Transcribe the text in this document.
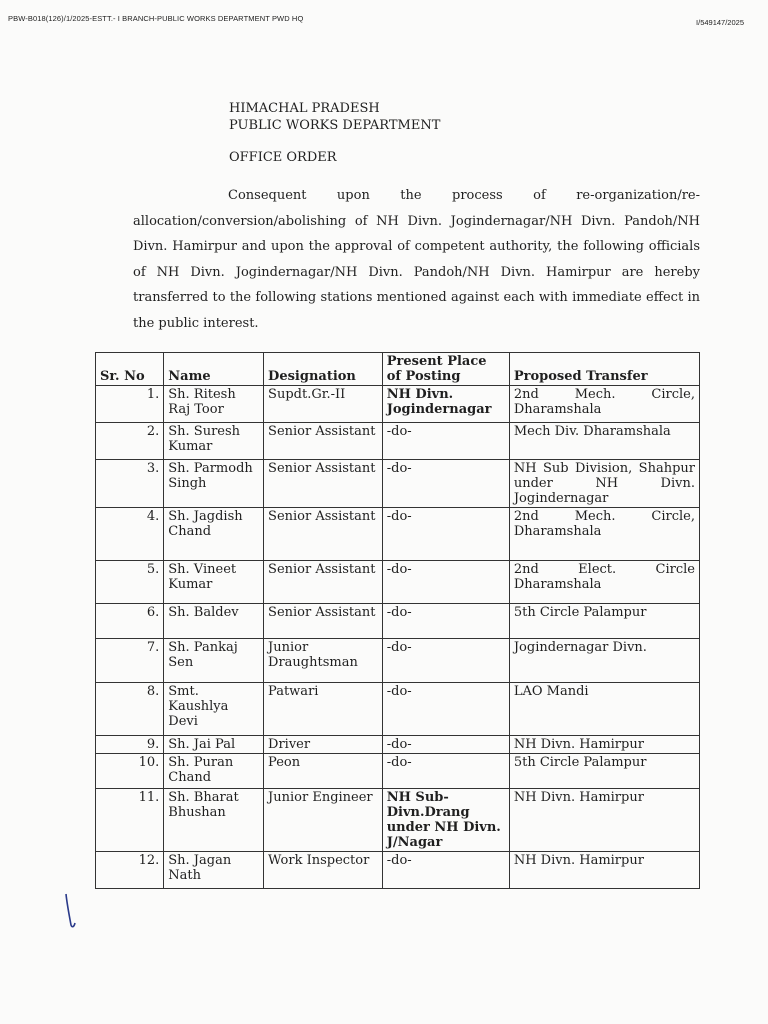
PBW-B018(126)/1/2025-ESTT.- I BRANCH-PUBLIC WORKS DEPARTMENT PWD HQ	I/549147/2025
HIMACHAL PRADESH
PUBLIC WORKS DEPARTMENT
OFFICE ORDER
Consequent upon the process of re-organization/re-allocation/conversion/abolishing of NH Divn. Jogindernagar/NH Divn. Pandoh/NH Divn. Hamirpur and upon the approval of competent authority, the following officials of NH Divn. Jogindernagar/NH Divn. Pandoh/NH Divn. Hamirpur are hereby transferred to the following stations mentioned against each with immediate effect in the public interest.
Sr. No	Name	Designation	Present Place of Posting	Proposed Transfer
1.	Sh. Ritesh Raj Toor	Supdt.Gr.-II	NH Divn. Jogindernagar	2nd Mech. Circle, Dharamshala
2.	Sh. Suresh Kumar	Senior Assistant	-do-	Mech Div. Dharamshala
3.	Sh. Parmodh Singh	Senior Assistant	-do-	NH Sub Division, Shahpur under NH Divn. Jogindernagar
4.	Sh. Jagdish Chand	Senior Assistant	-do-	2nd Mech. Circle, Dharamshala
5.	Sh. Vineet Kumar	Senior Assistant	-do-	2nd Elect. Circle Dharamshala
6.	Sh. Baldev	Senior Assistant	-do-	5th Circle Palampur
7.	Sh. Pankaj Sen	Junior Draughtsman	-do-	Jogindernagar Divn.
8.	Smt. Kaushlya Devi	Patwari	-do-	LAO Mandi
9.	Sh. Jai Pal	Driver	-do-	NH Divn. Hamirpur
10.	Sh. Puran Chand	Peon	-do-	5th Circle Palampur
11.	Sh. Bharat Bhushan	Junior Engineer	NH Sub-Divn.Drang under NH Divn. J/Nagar	NH Divn. Hamirpur
12.	Sh. Jagan Nath	Work Inspector	-do-	NH Divn. Hamirpur
